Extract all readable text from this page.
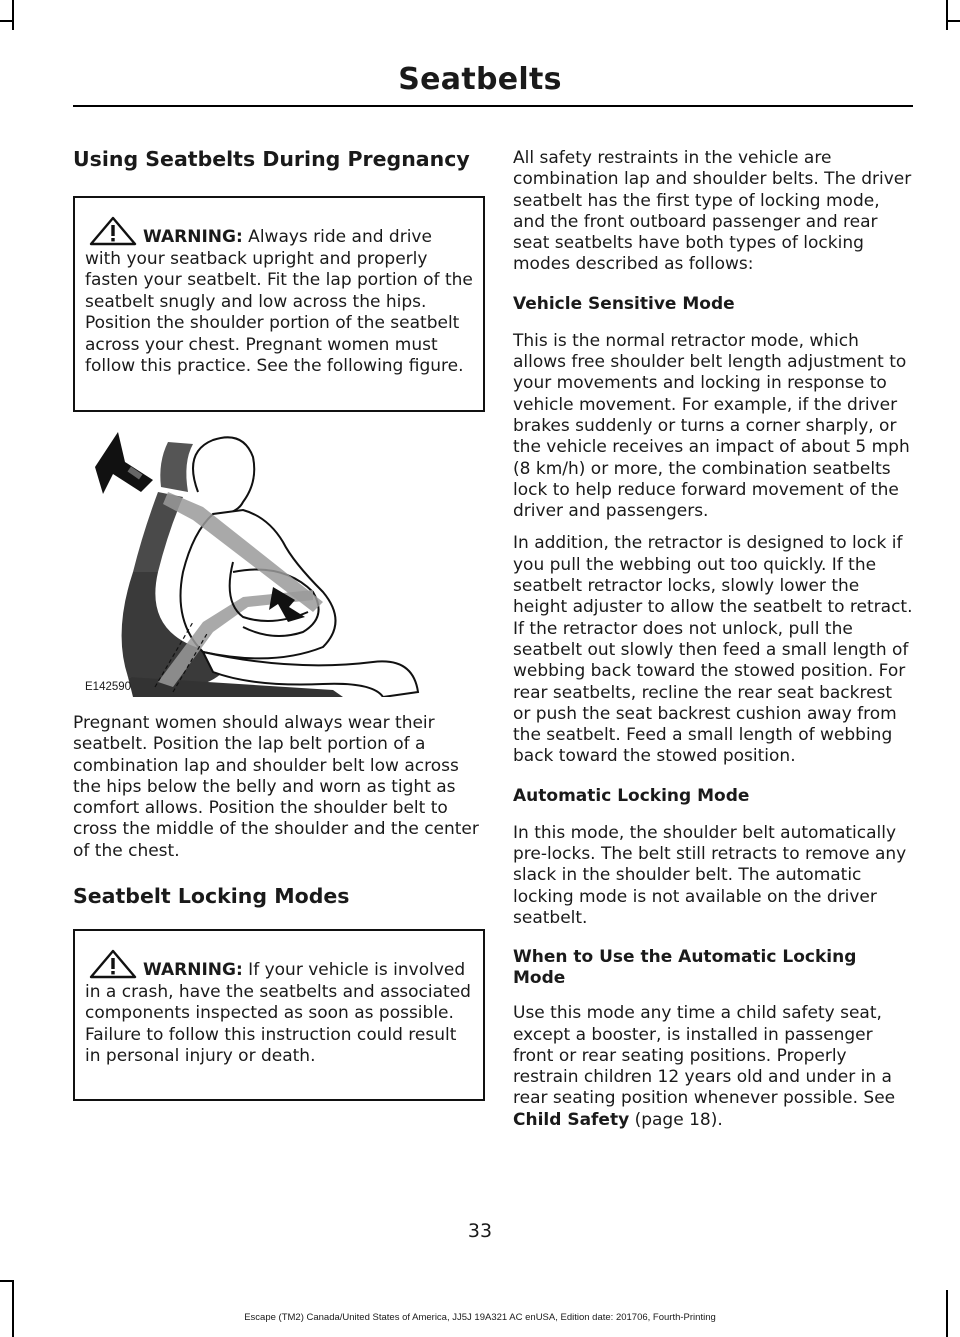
Seatbelts
Using Seatbelts During Pregnancy

WARNING: Always ride and drive with your seatback upright and properly fasten your seatbelt. Fit the lap portion of the seatbelt snugly and low across the hips. Position the shoulder portion of the seatbelt across your chest. Pregnant women must follow this practice. See the following figure.

E142590

Pregnant women should always wear their seatbelt. Position the lap belt portion of a combination lap and shoulder belt low across the hips below the belly and worn as tight as comfort allows. Position the shoulder belt to cross the middle of the shoulder and the center of the chest.

Seatbelt Locking Modes

WARNING: If your vehicle is involved in a crash, have the seatbelts and associated components inspected as soon as possible. Failure to follow this instruction could result in personal injury or death.

All safety restraints in the vehicle are combination lap and shoulder belts. The driver seatbelt has the first type of locking mode, and the front outboard passenger and rear seat seatbelts have both types of locking modes described as follows:

Vehicle Sensitive Mode

This is the normal retractor mode, which allows free shoulder belt length adjustment to your movements and locking in response to vehicle movement. For example, if the driver brakes suddenly or turns a corner sharply, or the vehicle receives an impact of about 5 mph (8 km/h) or more, the combination seatbelts lock to help reduce forward movement of the driver and passengers.

In addition, the retractor is designed to lock if you pull the webbing out too quickly. If the seatbelt retractor locks, slowly lower the height adjuster to allow the seatbelt to retract. If the retractor does not unlock, pull the seatbelt out slowly then feed a small length of webbing back toward the stowed position. For rear seatbelts, recline the rear seat backrest or push the seat backrest cushion away from the seatbelt. Feed a small length of webbing back toward the stowed position.

Automatic Locking Mode

In this mode, the shoulder belt automatically pre-locks. The belt still retracts to remove any slack in the shoulder belt. The automatic locking mode is not available on the driver seatbelt.

When to Use the Automatic Locking Mode

Use this mode any time a child safety seat, except a booster, is installed in passenger front or rear seating positions. Properly restrain children 12 years old and under in a rear seating position whenever possible. See Child Safety (page 18).

33
Escape (TM2) Canada/United States of America, JJ5J 19A321 AC enUSA, Edition date: 201706, Fourth-Printing
